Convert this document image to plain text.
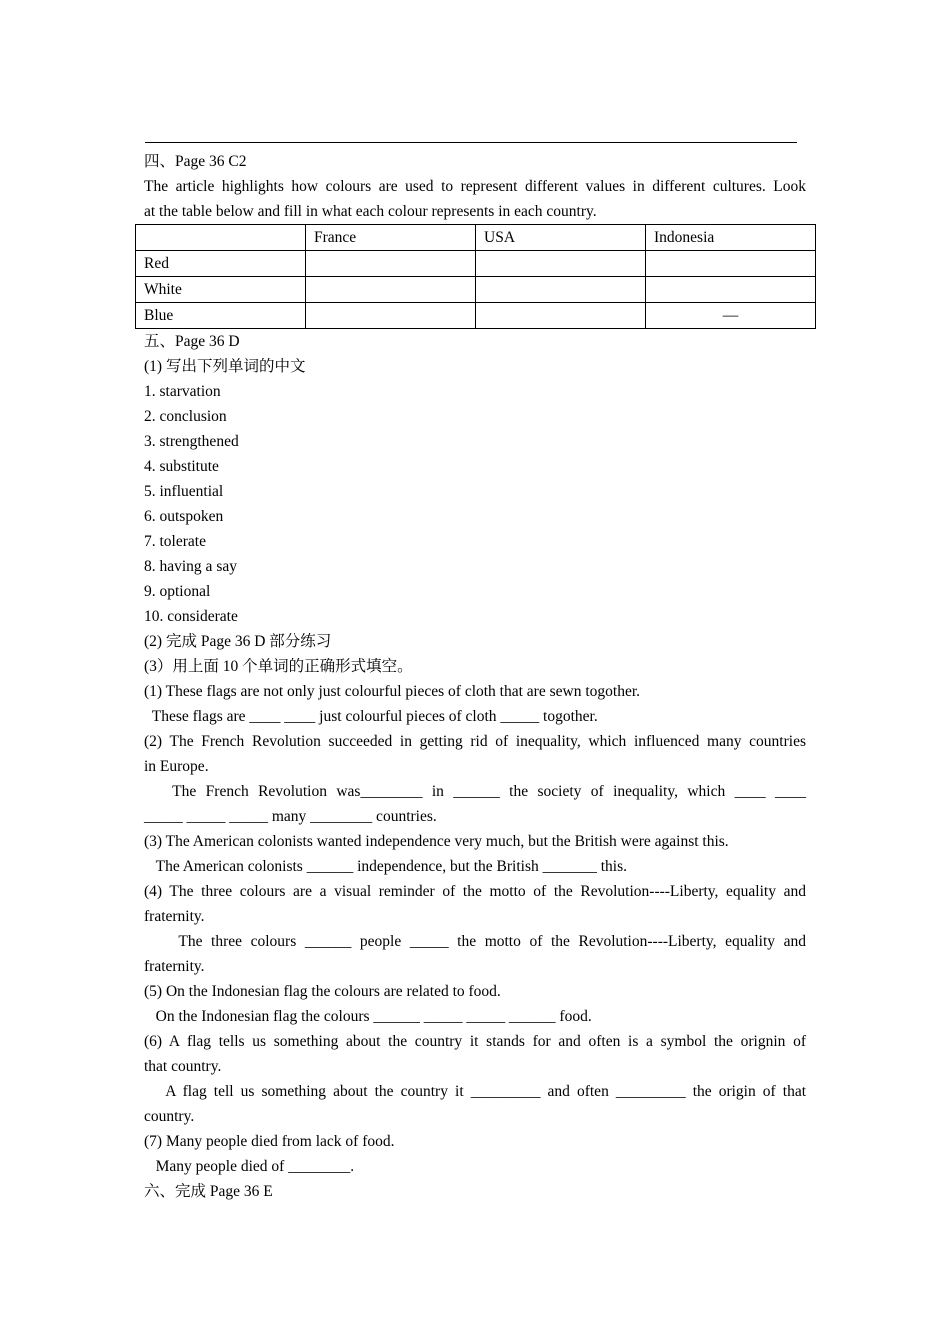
四、Page 36 C2

The article highlights how colours are used to represent different values in different cultures. Look

at the table below and fill in what each colour represents in each country.

	France	USA	Indonesia
Red			
White			
Blue			—

五、Page 36 D

(1) 写出下列单词的中文

1. starvation

2. conclusion

3. strengthened

4. substitute

5. influential

6. outspoken

7. tolerate

8. having a say

9. optional

10. considerate

(2) 完成 Page 36 D 部分练习

(3）用上面 10 个单词的正确形式填空。

(1) These flags are not only just colourful pieces of cloth that are sewn togother.

These flags are ____ ____ just colourful pieces of cloth _____ togother.

(2) The French Revolution succeeded in getting rid of inequality, which influenced many countries

in Europe.

The French Revolution was________ in ______ the society of inequality, which ____ ____

_____ _____ _____ many ________ countries.

(3) The American colonists wanted independence very much, but the British were against this.

The American colonists ______ independence, but the British _______ this.

(4) The three colours are a visual reminder of the motto of the Revolution----Liberty, equality and

fraternity.

The three colours ______ people _____ the motto of the Revolution----Liberty, equality and

fraternity.

(5) On the Indonesian flag the colours are related to food.

On the Indonesian flag the colours ______ _____ _____ ______ food.

(6) A flag tells us something about the country it stands for and often is a symbol the orignin of

that country.

A flag tell us something about the country it _________ and often _________ the origin of that

country.

(7) Many people died from lack of food.

Many people died of ________.

六、完成 Page 36 E
